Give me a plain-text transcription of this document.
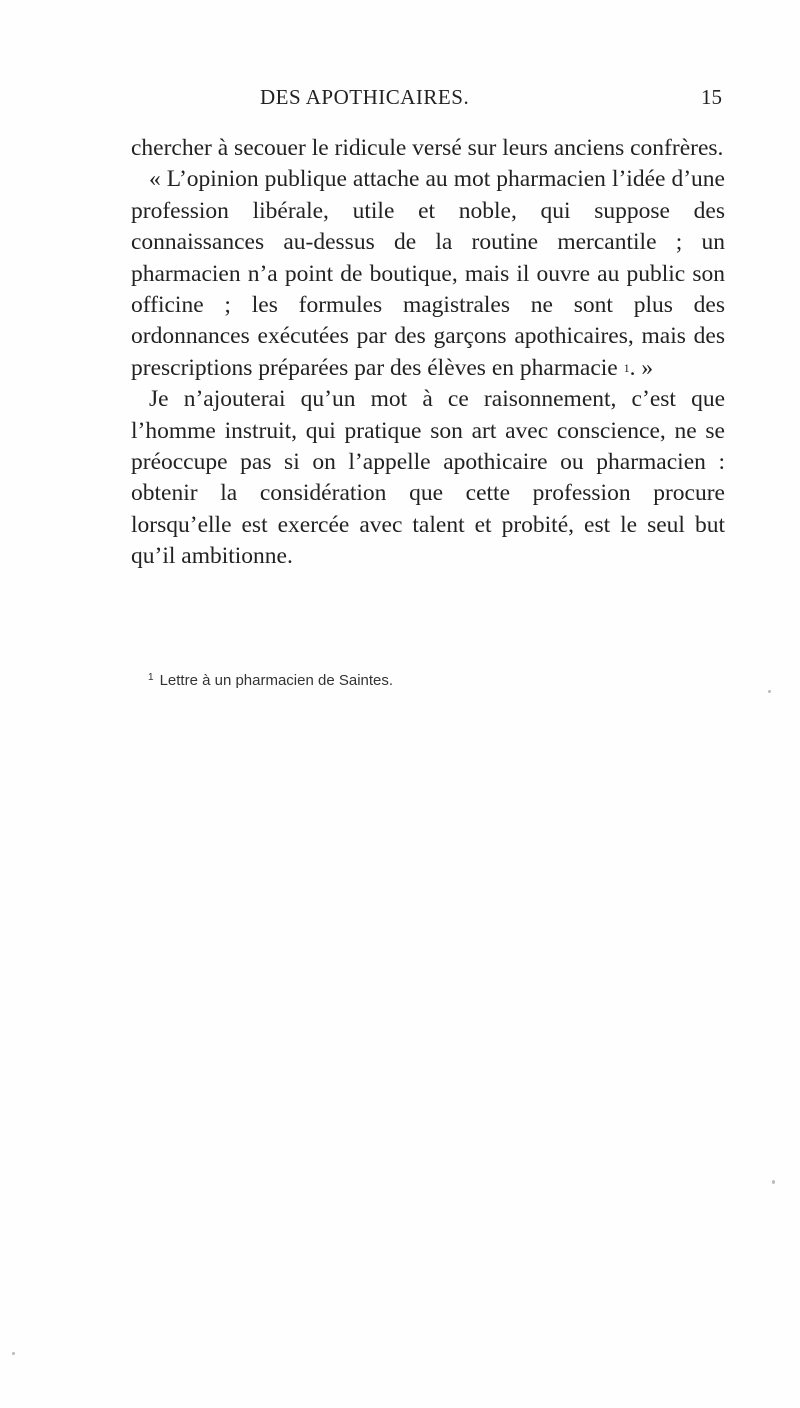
DES APOTHICAIRES.	15

chercher à secouer le ridicule versé sur leurs anciens confrères.

« L’opinion publique attache au mot pharmacien l’idée d’une profession libérale, utile et noble, qui suppose des connaissances au-dessus de la routine mercantile ; un pharmacien n’a point de boutique, mais il ouvre au public son officine ; les formules magistrales ne sont plus des ordonnances exécutées par des garçons apothicaires, mais des prescriptions préparées par des élèves en pharmacie $^1$. »

Je n’ajouterai qu’un mot à ce raisonnement, c’est que l’homme instruit, qui pratique son art avec conscience, ne se préoccupe pas si on l’appelle apothicaire ou pharmacien : obtenir la considération que cette profession procure lorsqu’elle est exercée avec talent et probité, est le seul but qu’il ambitionne.

$^1$ Lettre à un pharmacien de Saintes.
